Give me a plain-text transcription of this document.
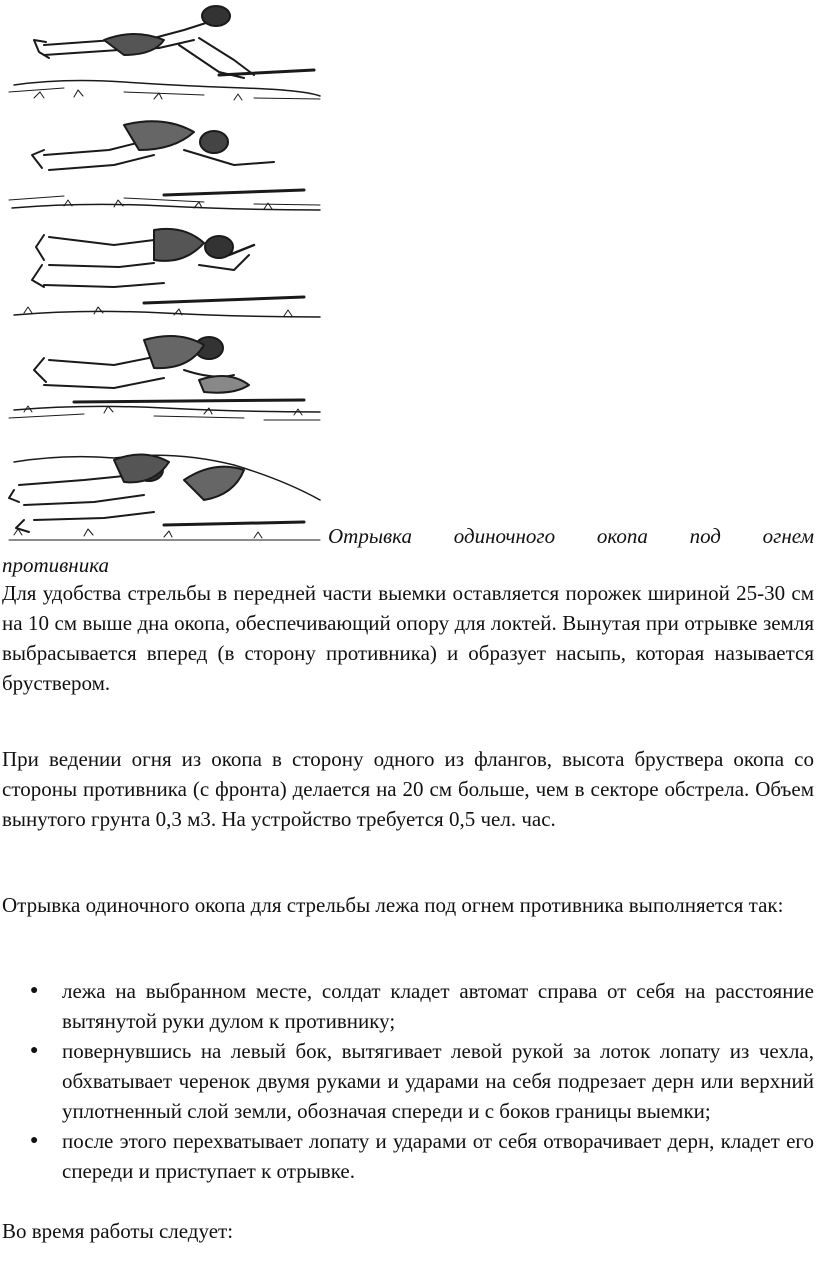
Отрывка одиночного окопа под огнем
противника

Для удобства стрельбы в передней части выемки оставляется порожек шириной 25-30 см на 10 см выше дна окопа, обеспечивающий опору для локтей. Вынутая при отрывке земля выбрасывается вперед (в сторону противника) и образует насыпь, которая называется бруствером.

При ведении огня из окопа в сторону одного из флангов, высота бруствера окопа со стороны противника (с фронта) делается на 20 см больше, чем в секторе обстрела. Объем вынутого грунта 0,3 м3. На устройство требуется 0,5 чел. час.

Отрывка одиночного окопа для стрельбы лежа под огнем противника выполняется так:

● лежа на выбранном месте, солдат кладет автомат справа от себя на расстояние вытянутой руки дулом к противнику;
● повернувшись на левый бок, вытягивает левой рукой за лоток лопату из чехла, обхватывает черенок двумя руками и ударами на себя подрезает дерн или верхний уплотненный слой земли, обозначая спереди и с боков границы выемки;
● после этого перехватывает лопату и ударами от себя отворачивает дерн, кладет его спереди и приступает к отрывке.
Во время работы следует:
